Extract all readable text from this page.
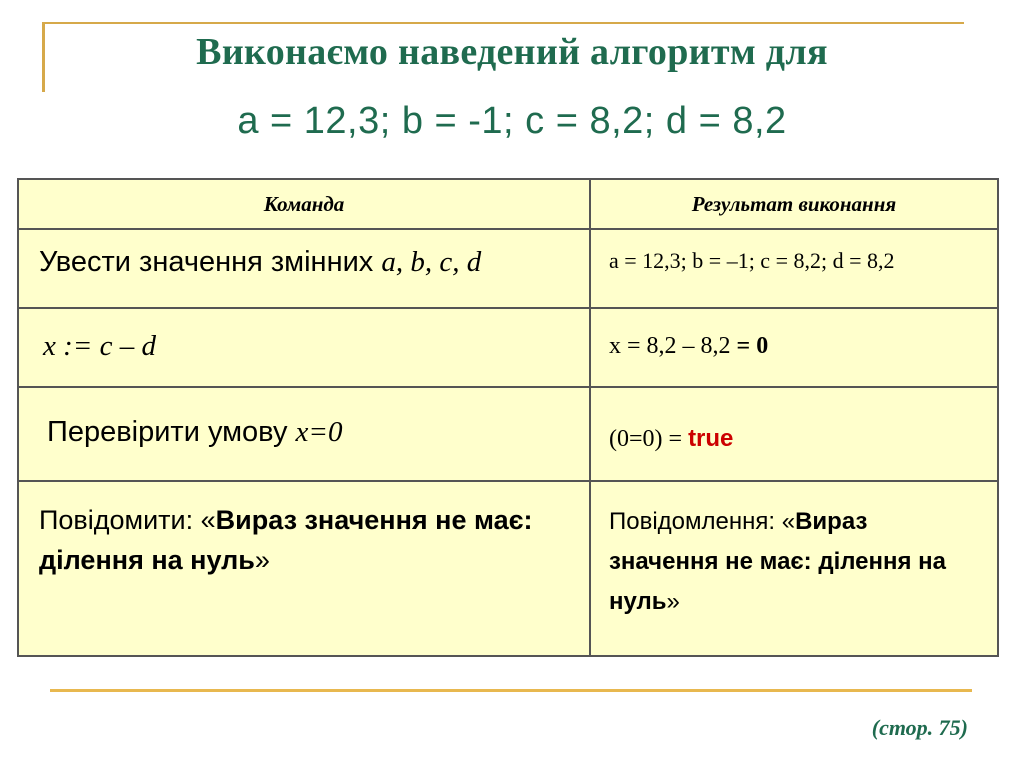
Виконаємо наведений алгоритм для
a = 12,3; b = -1; c = 8,2; d = 8,2
Команда	Результат виконання

Увести значення змінних a, b, c, d	a = 12,3; b = –1; c = 8,2; d = 8,2

x := c – d	x = 8,2 – 8,2 = 0

Перевірити умову x=0	(0=0) = true

Повідомити: «Вираз значення не має: ділення на нуль»	Повідомлення: «Вираз значення не має: ділення на нуль»
(стор. 75)
